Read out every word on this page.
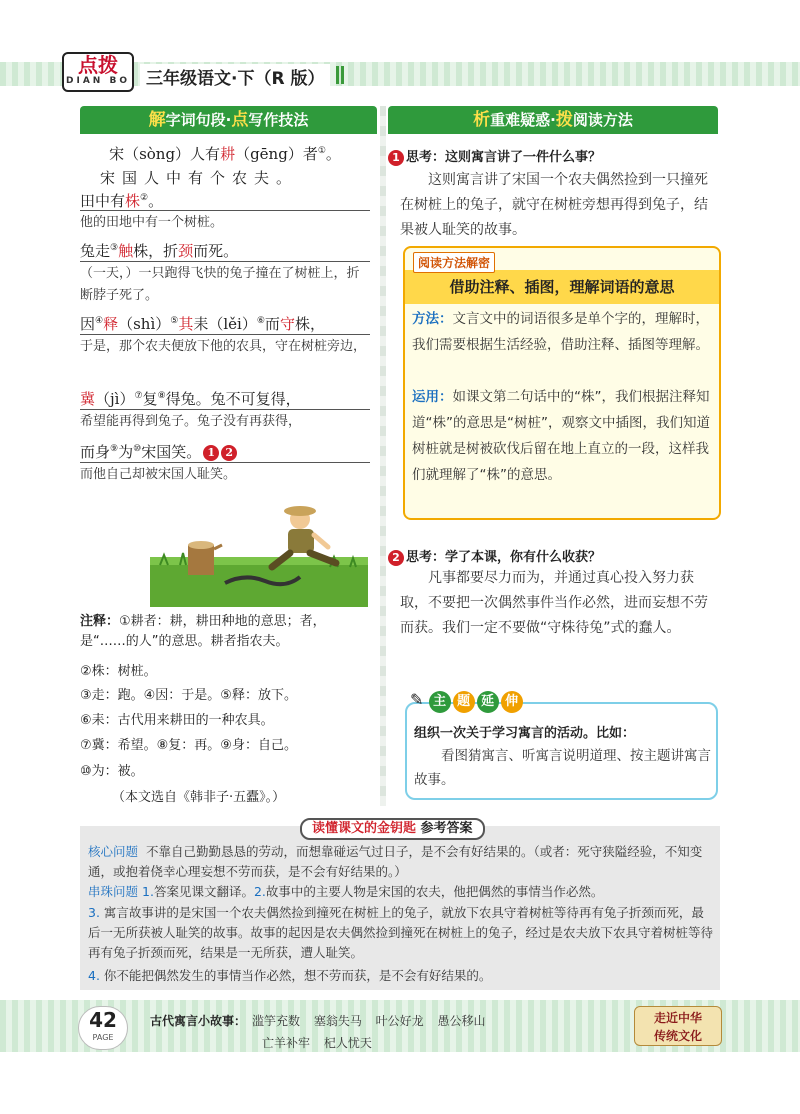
点拨
DIAN BO 三年级语文·下（R 版）
解字词句段·点写作技法	析重难疑惑·拨阅读方法
宋（sòng）人有耕（gēng）者①。
宋国人中有个农夫。
田中有株②。
他的田地中有一个树桩。
兔走③触株，折颈而死。
（一天，）一只跑得飞快的兔子撞在了树桩上，折断脖子死了。
因④释（shì）⑤其耒（lěi）⑥而守株，
于是，那个农夫便放下他的农具，守在树桩旁边，
冀（jì）⑦复⑧得兔。兔不可复得，
希望能再得到兔子。兔子没有再获得，
而身⑨为⑩宋国笑。 1 2
而他自己却被宋国人耻笑。
注释：①耕者：耕，耕田种地的意思；者，是“……的人”的意思。耕者指农夫。
②株：树桩。
③走：跑。④因：于是。⑤释：放下。
⑥耒：古代用来耕田的一种农具。
⑦冀：希望。⑧复：再。⑨身：自己。
⑩为：被。
（本文选自《韩非子·五蠹》。）
1 思考：这则寓言讲了一件什么事？
这则寓言讲了宋国一个农夫偶然捡到一只撞死在树桩上的兔子，就守在树桩旁想再得到兔子，结果被人耻笑的故事。
借助注释、插图，理解词语的意思
阅读方法解密
方法：文言文中的词语很多是单个字的，理解时，我们需要根据生活经验，借助注释、插图等理解。
运用：如课文第二句话中的“株”，我们根据注释知道“株”的意思是“树桩”，观察文中插图，我们知道树桩就是树被砍伐后留在地上直立的一段，这样我们就理解了“株”的意思。
2 思考：学了本课，你有什么收获？
凡事都要尽力而为，并通过真心投入努力获取，不要把一次偶然事件当作必然，进而妄想不劳而获。我们一定不要做“守株待兔”式的蠢人。
✎ 主 题 延 伸
组织一次关于学习寓言的活动。比如：
看图猜寓言、听寓言说明道理、按主题讲寓言故事。
读懂课文的金钥匙 参考答案
核心问题 不靠自己勤勤恳恳的劳动，而想靠碰运气过日子，是不会有好结果的。（或者：死守狭隘经验，不知变通，或抱着侥幸心理妄想不劳而获，是不会有好结果的。）
串珠问题 1.答案见课文翻译。2.故事中的主要人物是宋国的农夫，他把偶然的事情当作必然。
3. 寓言故事讲的是宋国一个农夫偶然捡到撞死在树桩上的兔子，就放下农具守着树桩等待再有兔子折颈而死，最后一无所获被人耻笑的故事。故事的起因是农夫偶然捡到撞死在树桩上的兔子，经过是农夫放下农具守着树桩等待再有兔子折颈而死，结果是一无所获，遭人耻笑。
4. 你不能把偶然发生的事情当作必然，想不劳而获，是不会有好结果的。
42
PAGE
古代寓言小故事： 滥竽充数 塞翁失马 叶公好龙 愚公移山
亡羊补牢 杞人忧天
走近中华
传统文化
